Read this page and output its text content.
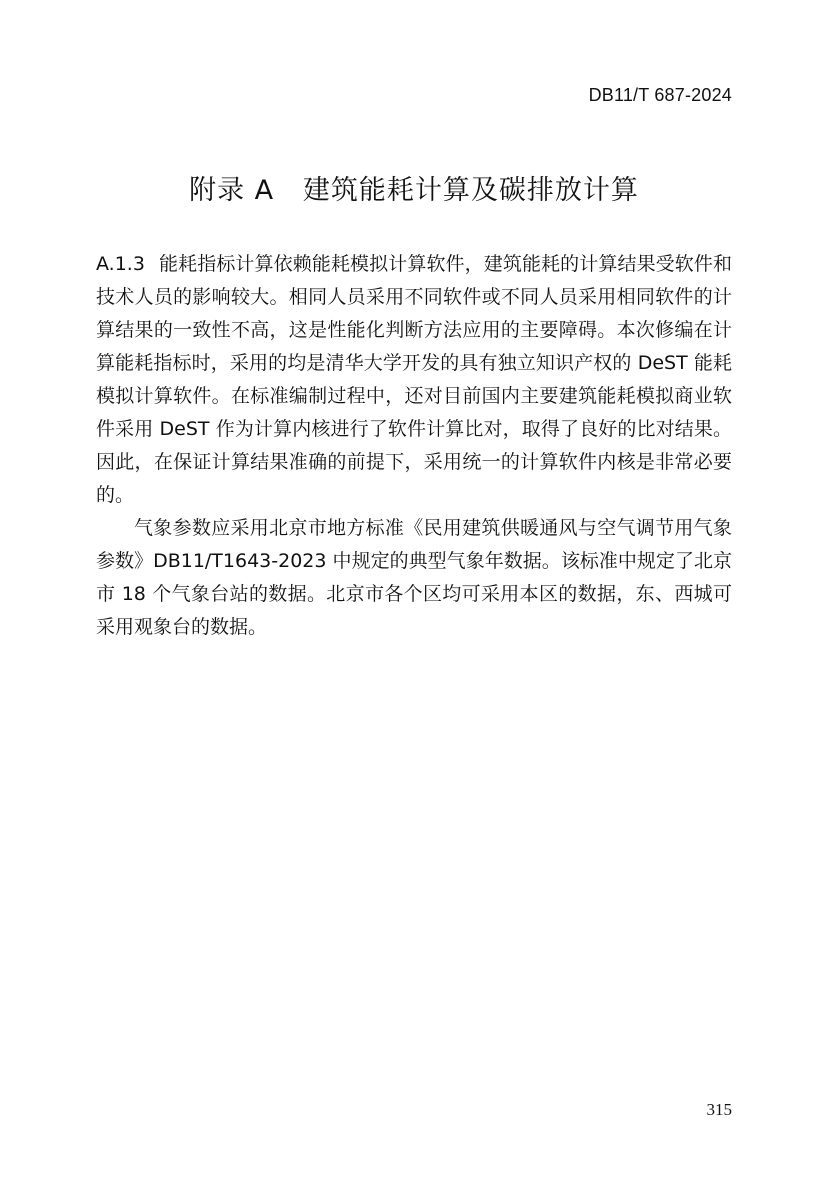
DB11/T 687-2024
附录 A   建筑能耗计算及碳排放计算

A.1.3 能耗指标计算依赖能耗模拟计算软件，建筑能耗的计算结果受软件和技术人员的影响较大。相同人员采用不同软件或不同人员采用相同软件的计算结果的一致性不高，这是性能化判断方法应用的主要障碍。本次修编在计算能耗指标时，采用的均是清华大学开发的具有独立知识产权的 DeST 能耗模拟计算软件。在标准编制过程中，还对目前国内主要建筑能耗模拟商业软件采用 DeST 作为计算内核进行了软件计算比对，取得了良好的比对结果。因此，在保证计算结果准确的前提下，采用统一的计算软件内核是非常必要的。

气象参数应采用北京市地方标准《民用建筑供暖通风与空气调节用气象参数》DB11/T1643-2023 中规定的典型气象年数据。该标准中规定了北京市 18 个气象台站的数据。北京市各个区均可采用本区的数据，东、西城可采用观象台的数据。

315
